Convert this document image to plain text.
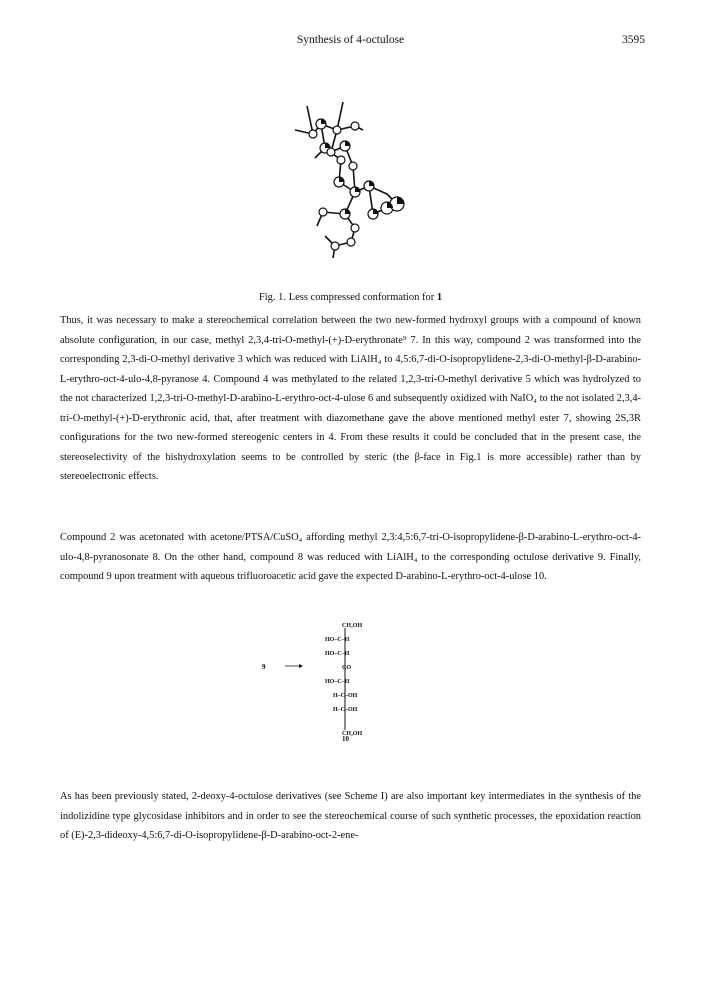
Synthesis of 4-octulose	3595
Fig. 1. Less compressed conformation for 1

Thus, it was necessary to make a stereochemical correlation between the two new-formed hydroxyl groups with a compound of known absolute configuration, in our case, methyl 2,3,4-tri-O-methyl-(+)-D-erythronate⁹ 7. In this way, compound 2 was transformed into the corresponding 2,3-di-O-methyl derivative 3 which was reduced with LiAlH₄ to 4,5:6,7-di-O-isopropylidene-2,3-di-O-methyl-β-D-arabino-L-erythro-oct-4-ulo-4,8-pyranose 4. Compound 4 was methylated to the related 1,2,3-tri-O-methyl derivative 5 which was hydrolyzed to the not characterized 1,2,3-tri-O-methyl-D-arabino-L-erythro-oct-4-ulose 6 and subsequently oxidized with NaIO₄ to the not isolated 2,3,4-tri-O-methyl-(+)-D-erythronic acid, that, after treatment with diazomethane gave the above mentioned methyl ester 7, showing 2S,3R configurations for the two new-formed stereogenic centers in 4. From these results it could be concluded that in the present case, the stereoselectivity of the bishydroxylation seems to be controlled by steric (the β-face in Fig.1 is more accessible) rather than by stereoelectronic effects.

Compound 2 was acetonated with acetone/PTSA/CuSO₄ affording methyl 2,3:4,5:6,7-tri-O-isopropylidene-β-D-arabino-L-erythro-oct-4-ulo-4,8-pyranosonate 8. On the other hand, compound 8 was reduced with LiAlH₄ to the corresponding octulose derivative 9. Finally, compound 9 upon treatment with aqueous trifluoroacetic acid gave the expected D-arabino-L-erythro-oct-4-ulose 10.

CH₂OH
HO–C–H
HO–C–H
CO
HO–C–H
H–C–OH
H–C–OH
CH₂OH
9
10

As has been previously stated, 2-deoxy-4-octulose derivatives (see Scheme I) are also important key intermediates in the synthesis of the indolizidine type glycosidase inhibitors and in order to see the stereochemical course of such synthetic processes, the epoxidation reaction of (E)-2,3-dideoxy-4,5:6,7-di-O-isopropylidene-β-D-arabino-oct-2-ene-
